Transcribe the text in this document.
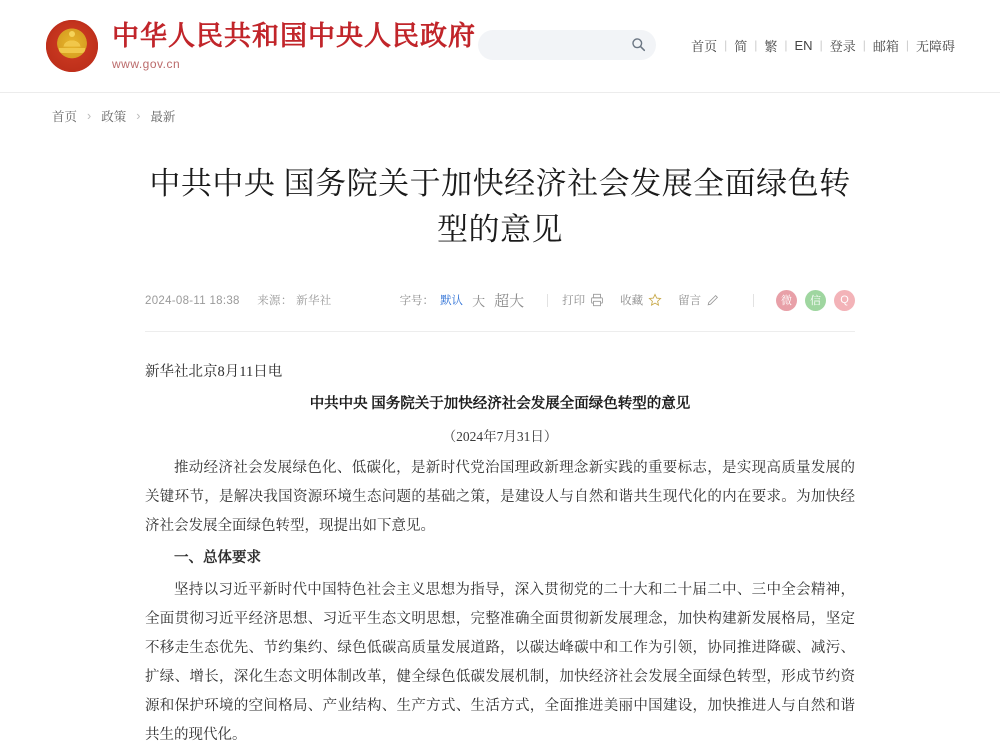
中华人民共和国中央人民政府
www.gov.cn
首页 | 简 | 繁 | EN | 登录 | 邮箱 | 无障碍
首页 › 政策 › 最新
中共中央 国务院关于加快经济社会发展全面绿色转型的意见
2024-08-11 18:38 来源： 新华社	字号： 默认 大 超大	打印	收藏	留言	微	信	Q

新华社北京8月11日电

中共中央 国务院关于加快经济社会发展全面绿色转型的意见

（2024年7月31日）

推动经济社会发展绿色化、低碳化，是新时代党治国理政新理念新实践的重要标志，是实现高质量发展的关键环节，是解决我国资源环境生态问题的基础之策，是建设人与自然和谐共生现代化的内在要求。为加快经济社会发展全面绿色转型，现提出如下意见。

一、总体要求

坚持以习近平新时代中国特色社会主义思想为指导，深入贯彻党的二十大和二十届二中、三中全会精神，全面贯彻习近平经济思想、习近平生态文明思想，完整准确全面贯彻新发展理念，加快构建新发展格局，坚定不移走生态优先、节约集约、绿色低碳高质量发展道路，以碳达峰碳中和工作为引领，协同推进降碳、减污、扩绿、增长，深化生态文明体制改革，健全绿色低碳发展机制，加快经济社会发展全面绿色转型，形成节约资源和保护环境的空间格局、产业结构、生产方式、生活方式，全面推进美丽中国建设，加快推进人与自然和谐共生的现代化。
